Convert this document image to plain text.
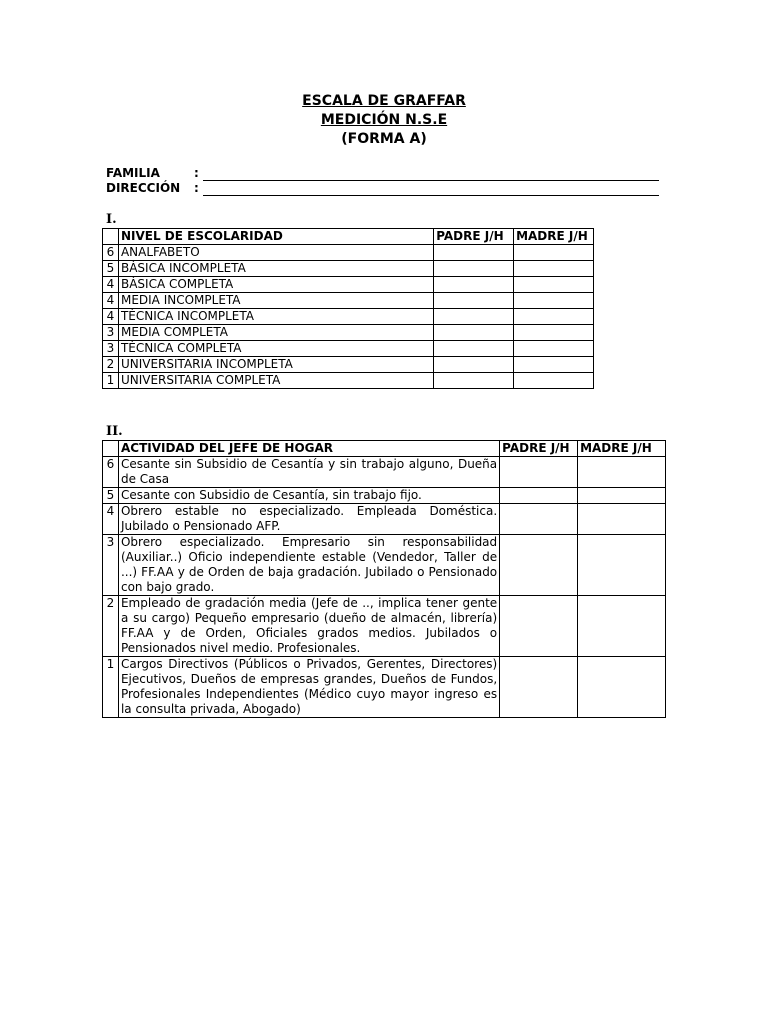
ESCALA DE GRAFFAR
MEDICIÓN N.S.E
(FORMA A)
FAMILIA	:
DIRECCIÓN :
I.
	NIVEL DE ESCOLARIDAD	PADRE J/H	MADRE J/H
6	ANALFABETO		
5	BÁSICA INCOMPLETA		
4	BÁSICA COMPLETA		
4	MEDIA INCOMPLETA		
4	TÉCNICA INCOMPLETA		
3	MEDIA COMPLETA		
3	TÉCNICA COMPLETA		
2	UNIVERSITARIA INCOMPLETA		
1	UNIVERSITARIA COMPLETA		
II.
	ACTIVIDAD DEL JEFE DE HOGAR	PADRE J/H	MADRE J/H
6	Cesante sin Subsidio de Cesantía y sin trabajo alguno, Dueña de Casa		
5	Cesante con Subsidio de Cesantía, sin trabajo fijo.		
4	Obrero estable no especializado. Empleada Doméstica. Jubilado o Pensionado AFP.		
3	Obrero especializado. Empresario sin responsabilidad (Auxiliar..) Oficio independiente estable (Vendedor, Taller de ...) FF.AA y de Orden de baja gradación. Jubilado o Pensionado con bajo grado.		
2	Empleado de gradación media (Jefe de .., implica tener gente a su cargo) Pequeño empresario (dueño de almacén, librería) FF.AA y de Orden, Oficiales grados medios. Jubilados o Pensionados nivel medio. Profesionales.		
1	Cargos Directivos (Públicos o Privados, Gerentes, Directores) Ejecutivos, Dueños de empresas grandes, Dueños de Fundos, Profesionales Independientes (Médico cuyo mayor ingreso es la consulta privada, Abogado)		
